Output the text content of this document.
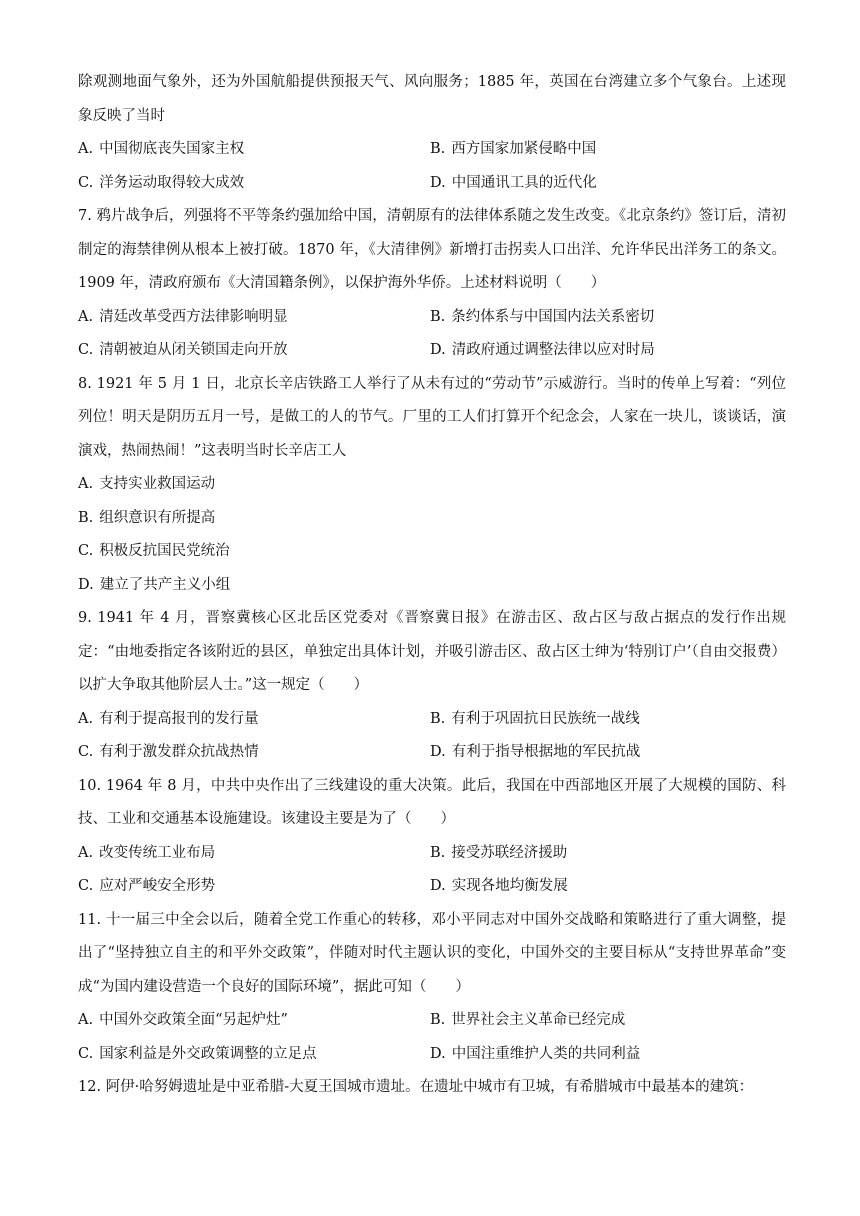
除观测地面气象外，还为外国航船提供预报天气、风向服务；1885 年，英国在台湾建立多个气象台。上述现象反映了当时

A. 中国彻底丧失国家主权	B. 西方国家加紧侵略中国
C. 洋务运动取得较大成效	D. 中国通讯工具的近代化

7. 鸦片战争后，列强将不平等条约强加给中国，清朝原有的法律体系随之发生改变。《北京条约》签订后，清初制定的海禁律例从根本上被打破。1870 年，《大清律例》新增打击拐卖人口出洋、允许华民出洋务工的条文。1909 年，清政府颁布《大清国籍条例》，以保护海外华侨。上述材料说明（　　）

A. 清廷改革受西方法律影响明显	B. 条约体系与中国国内法关系密切
C. 清朝被迫从闭关锁国走向开放	D. 清政府通过调整法律以应对时局

8. 1921 年 5 月 1 日，北京长辛店铁路工人举行了从未有过的“劳动节”示威游行。当时的传单上写着：“列位列位！明天是阴历五月一号，是做工的人的节气。厂里的工人们打算开个纪念会，人家在一块儿，谈谈话，演演戏，热闹热闹！”这表明当时长辛店工人

A. 支持实业救国运动
B. 组织意识有所提高
C. 积极反抗国民党统治
D. 建立了共产主义小组

9. 1941 年 4 月，晋察冀核心区北岳区党委对《晋察冀日报》在游击区、敌占区与敌占据点的发行作出规定：“由地委指定各该附近的县区，单独定出具体计划，并吸引游击区、敌占区士绅为‘特别订户’（自由交报费）以扩大争取其他阶层人士。”这一规定（　　）

A. 有利于提高报刊的发行量	B. 有利于巩固抗日民族统一战线
C. 有利于激发群众抗战热情	D. 有利于指导根据地的军民抗战

10. 1964 年 8 月，中共中央作出了三线建设的重大决策。此后，我国在中西部地区开展了大规模的国防、科技、工业和交通基本设施建设。该建设主要是为了（　　）

A. 改变传统工业布局	B. 接受苏联经济援助
C. 应对严峻安全形势	D. 实现各地均衡发展

11. 十一届三中全会以后，随着全党工作重心的转移，邓小平同志对中国外交战略和策略进行了重大调整，提出了“坚持独立自主的和平外交政策”，伴随对时代主题认识的变化，中国外交的主要目标从“支持世界革命”变成“为国内建设营造一个良好的国际环境”，据此可知（　　）

A. 中国外交政策全面“另起炉灶”	B. 世界社会主义革命已经完成
C. 国家利益是外交政策调整的立足点	D. 中国注重维护人类的共同利益

12. 阿伊·哈努姆遗址是中亚希腊-大夏王国城市遗址。在遗址中城市有卫城，有希腊城市中最基本的建筑：
